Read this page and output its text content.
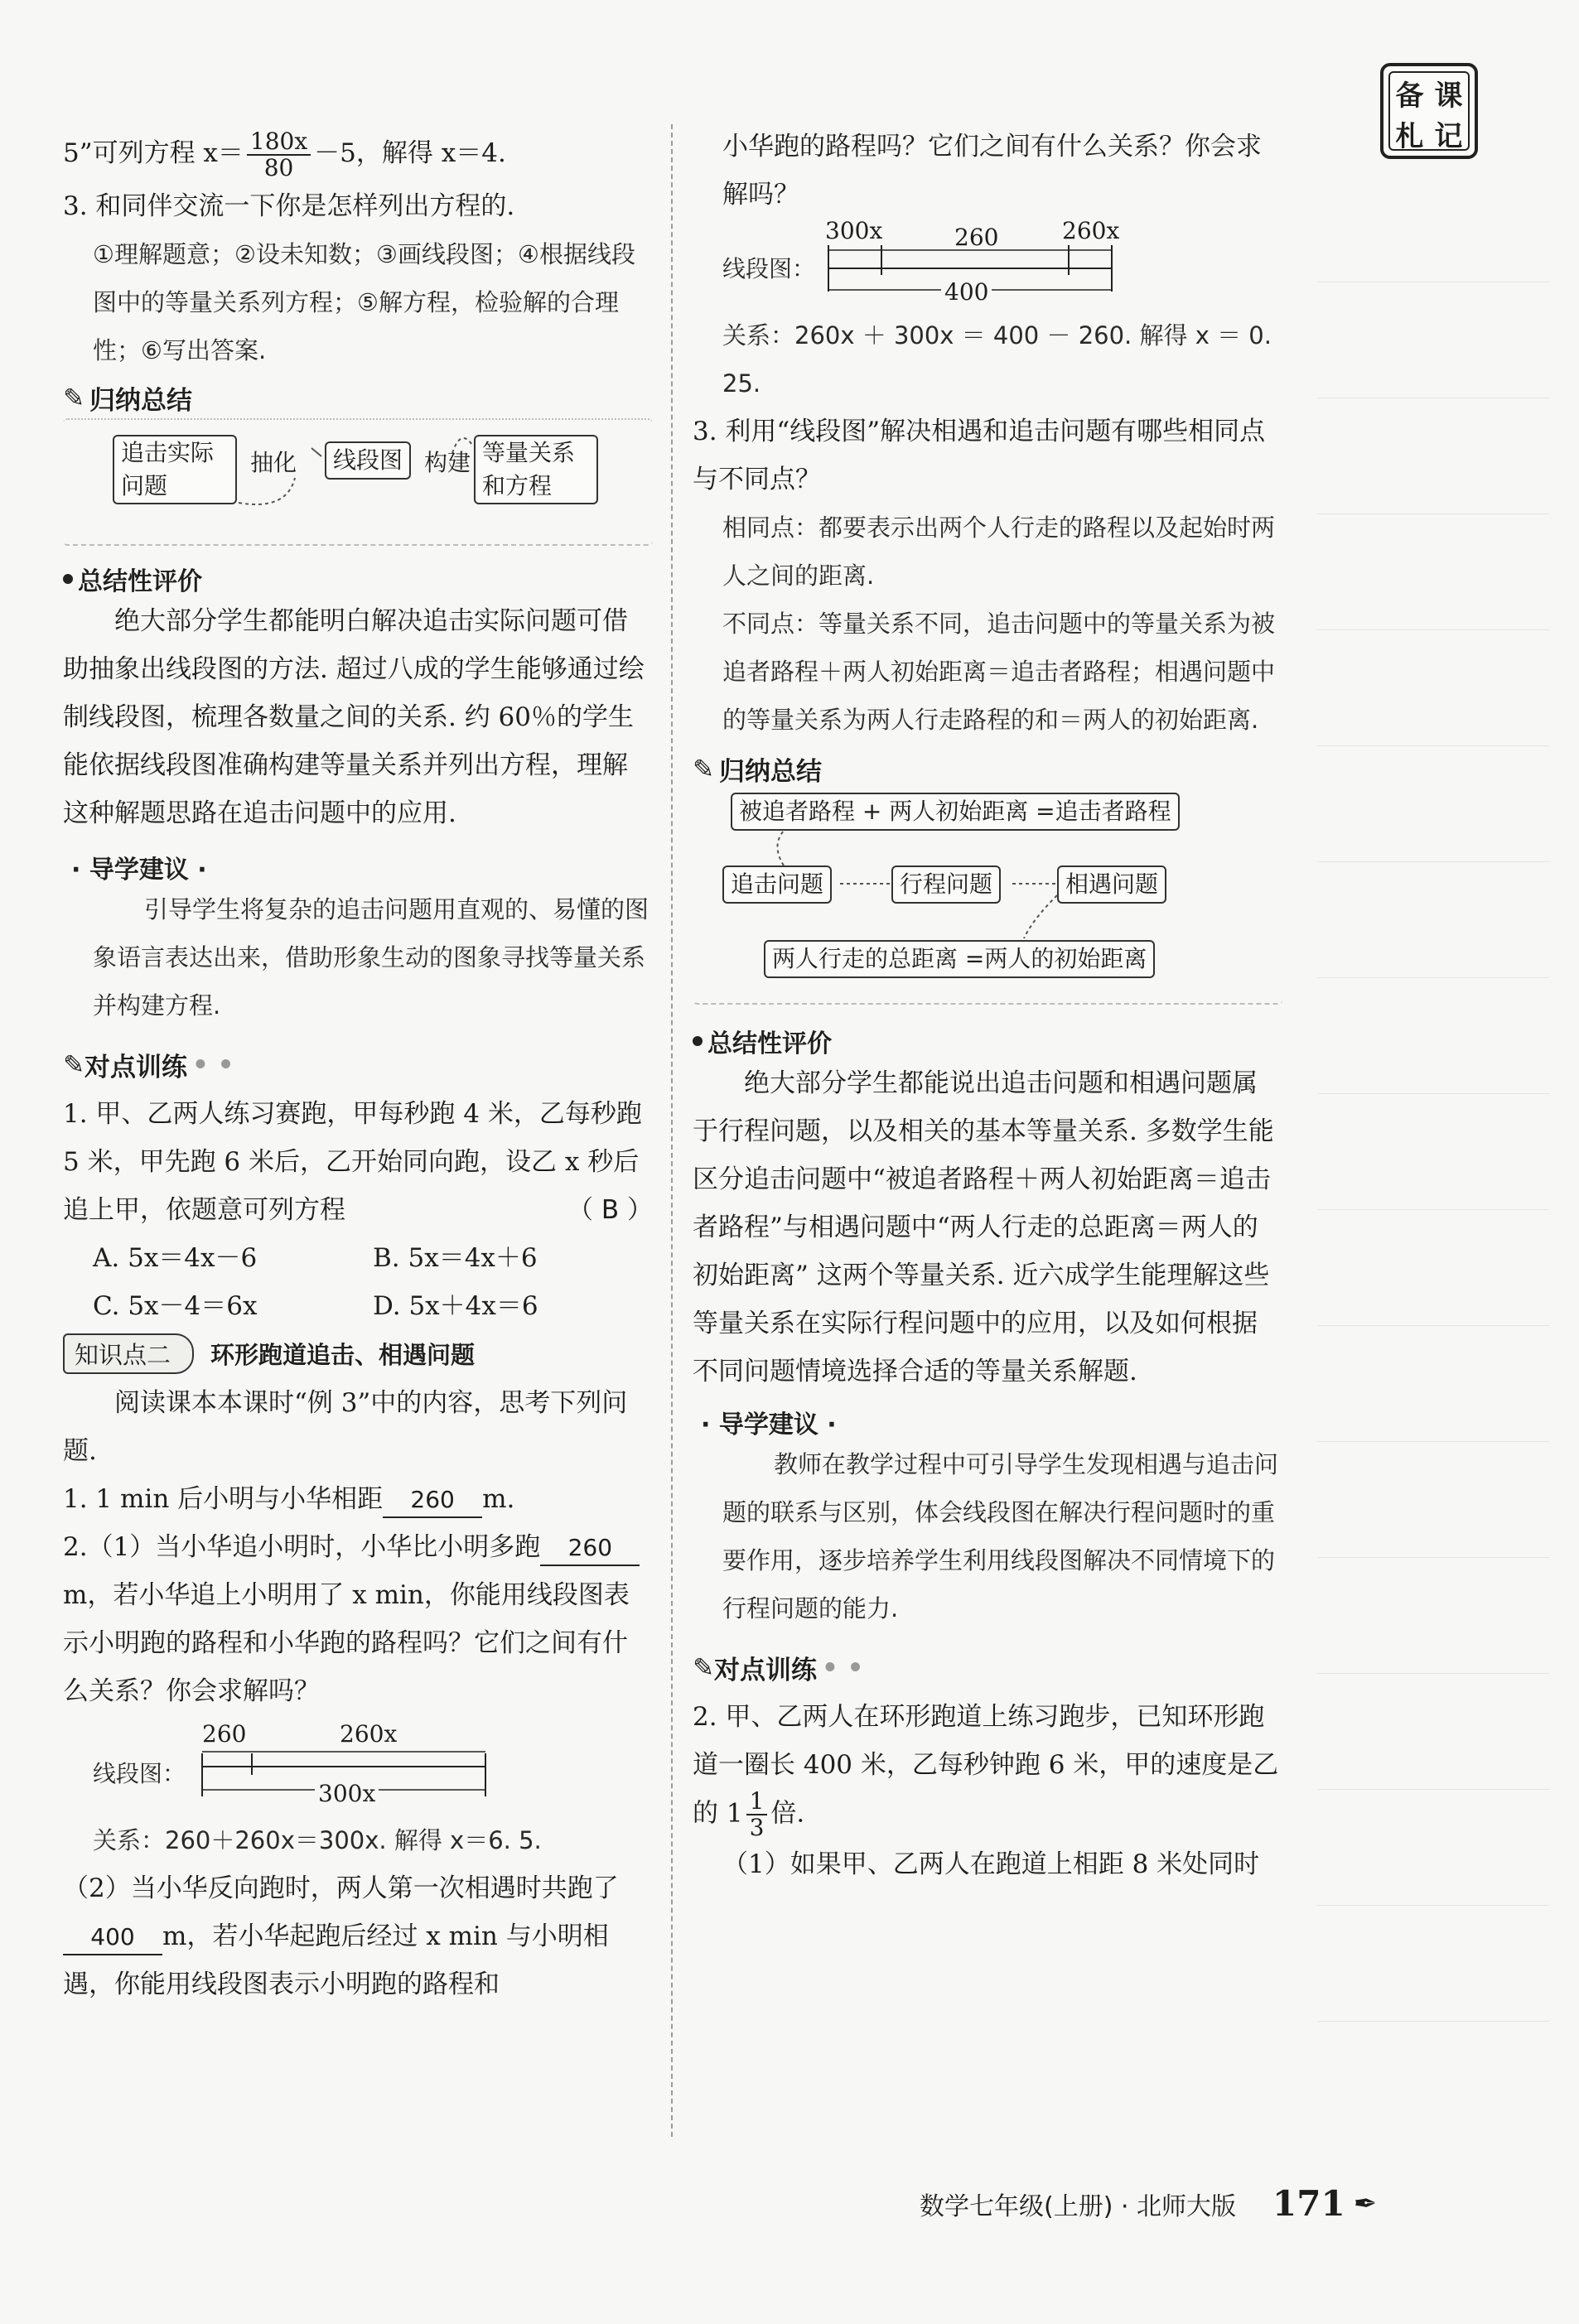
备 课
札 记

5”可列方程 $x= \frac{180x}{80} -5$，解得 x＝4.

3. 和同伴交流一下你是怎样列出方程的.

①理解题意；②设未知数；③画线段图；④根据线段图中的等量关系列方程；⑤解方程，检验解的合理性；⑥写出答案.

✎ 归纳总结
追击实际
问题
抽化	线段图 构建 等量关系
和方程
总结性评价

绝大部分学生都能明白解决追击实际问题可借助抽象出线段图的方法. 超过八成的学生能够通过绘制线段图，梳理各数量之间的关系. 约 60％的学生能依据线段图准确构建等量关系并列出方程，理解这种解题思路在追击问题中的应用.

· 导学建议 ·

引导学生将复杂的追击问题用直观的、易懂的图象语言表达出来，借助形象生动的图象寻找等量关系并构建方程.

✎ 对点训练 • •

1. 甲、乙两人练习赛跑，甲每秒跑 4 米，乙每秒跑 5 米，甲先跑 6 米后，乙开始同向跑，设乙 x 秒后追上甲，依题意可列方程	（ B ）

A. 5x＝4x－6	B. 5x＝4x＋6
C. 5x－4＝6x	D. 5x＋4x＝6
知识点二	环形跑道追击、相遇问题

阅读课本本课时“例 3”中的内容，思考下列问题.

1. 1 min 后小明与小华相距 260 m.

2.（1）当小华追小明时，小华比小明多跑 260m，若小华追上小明用了 x min，你能用线段图表示小明跑的路程和小华跑的路程吗？它们之间有什么关系？你会求解吗？

线段图：
260	260x
300x

关系：260＋260x＝300x. 解得 x＝6. 5.

（2）当小华反向跑时，两人第一次相遇时共跑了400 m，若小华起跑后经过 x min 与小明相遇，你能用线段图表示小明跑的路程和

小华跑的路程吗？它们之间有什么关系？你会求解吗？

线段图：
300x	260	260x
400

关系：260x ＋ 300x ＝ 400 － 260. 解得 x ＝ 0. 25.

3. 利用“线段图”解决相遇和追击问题有哪些相同点与不同点？

相同点：都要表示出两个人行走的路程以及起始时两人之间的距离.

不同点：等量关系不同，追击问题中的等量关系为被追者路程＋两人初始距离＝追击者路程；相遇问题中的等量关系为两人行走路程的和＝两人的初始距离.

✎ 归纳总结
被追者路程 + 两人初始距离 =追击者路程
追击问题	行程问题	相遇问题
两人行走的总距离 =两人的初始距离
总结性评价

绝大部分学生都能说出追击问题和相遇问题属于行程问题，以及相关的基本等量关系. 多数学生能区分追击问题中“被追者路程＋两人初始距离＝追击者路程”与相遇问题中“两人行走的总距离＝两人的初始距离” 这两个等量关系. 近六成学生能理解这些等量关系在实际行程问题中的应用，以及如何根据不同问题情境选择合适的等量关系解题.

· 导学建议 ·

教师在教学过程中可引导学生发现相遇与追击问题的联系与区别，体会线段图在解决行程问题时的重要作用，逐步培养学生利用线段图解决不同情境下的行程问题的能力.

✎ 对点训练 • •

2. 甲、乙两人在环形跑道上练习跑步，已知环形跑道一圈长 400 米，乙每秒钟跑 6 米，甲的速度是乙的 $1 \frac{1}{3}$ 倍.

（1）如果甲、乙两人在跑道上相距 8 米处同时

数学七年级(上册) · 北师大版 171 ✒
